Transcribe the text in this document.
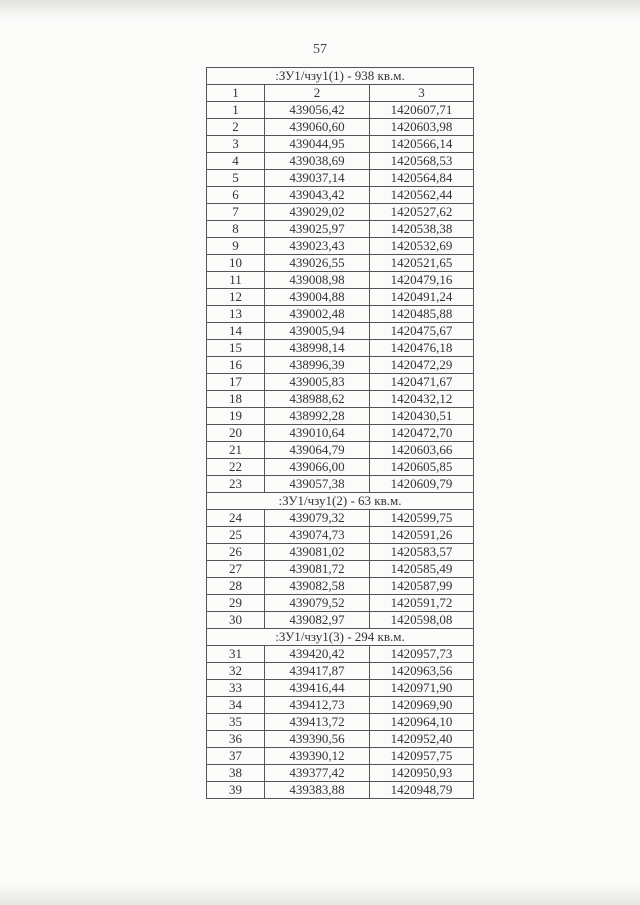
57
:ЗУ1/чзу1(1) - 938 кв.м.		
1	2	3
1	439056,42	1420607,71
2	439060,60	1420603,98
3	439044,95	1420566,14
4	439038,69	1420568,53
5	439037,14	1420564,84
6	439043,42	1420562,44
7	439029,02	1420527,62
8	439025,97	1420538,38
9	439023,43	1420532,69
10	439026,55	1420521,65
11	439008,98	1420479,16
12	439004,88	1420491,24
13	439002,48	1420485,88
14	439005,94	1420475,67
15	438998,14	1420476,18
16	438996,39	1420472,29
17	439005,83	1420471,67
18	438988,62	1420432,12
19	438992,28	1420430,51
20	439010,64	1420472,70
21	439064,79	1420603,66
22	439066,00	1420605,85
23	439057,38	1420609,79
:ЗУ1/чзу1(2) - 63 кв.м.		
24	439079,32	1420599,75
25	439074,73	1420591,26
26	439081,02	1420583,57
27	439081,72	1420585,49
28	439082,58	1420587,99
29	439079,52	1420591,72
30	439082,97	1420598,08
:ЗУ1/чзу1(3) - 294 кв.м.		
31	439420,42	1420957,73
32	439417,87	1420963,56
33	439416,44	1420971,90
34	439412,73	1420969,90
35	439413,72	1420964,10
36	439390,56	1420952,40
37	439390,12	1420957,75
38	439377,42	1420950,93
39	439383,88	1420948,79
